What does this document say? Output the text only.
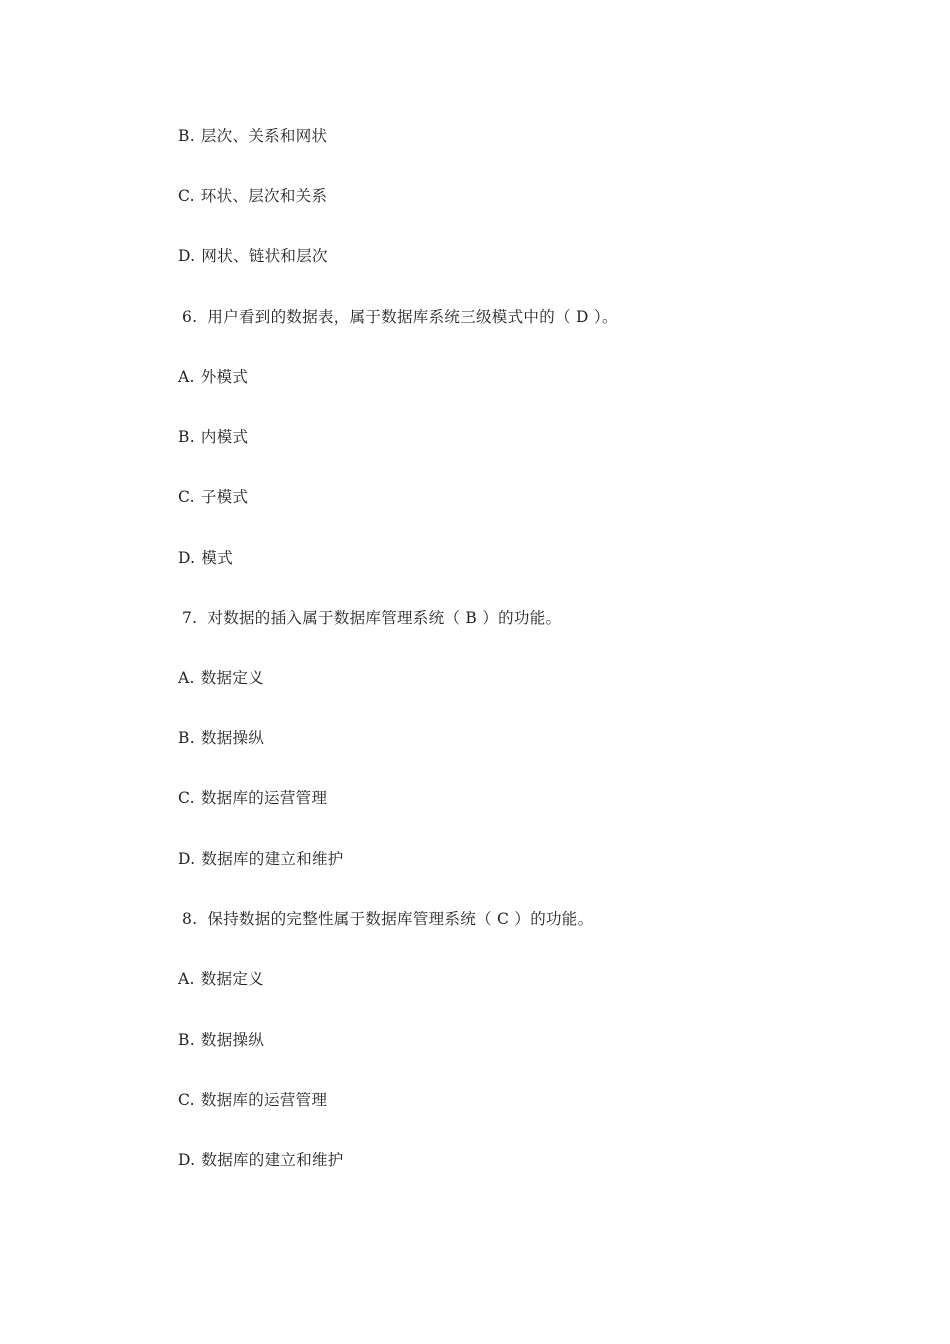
B. 层次、关系和网状
C. 环状、层次和关系
D. 网状、链状和层次
6. 用户看到的数据表，属于数据库系统三级模式中的（ D ）。
A. 外模式
B. 内模式
C. 子模式
D. 模式
7. 对数据的插入属于数据库管理系统（ B ）的功能。
A. 数据定义
B. 数据操纵
C. 数据库的运营管理
D. 数据库的建立和维护
8. 保持数据的完整性属于数据库管理系统（ C ）的功能。
A. 数据定义
B. 数据操纵
C. 数据库的运营管理
D. 数据库的建立和维护
